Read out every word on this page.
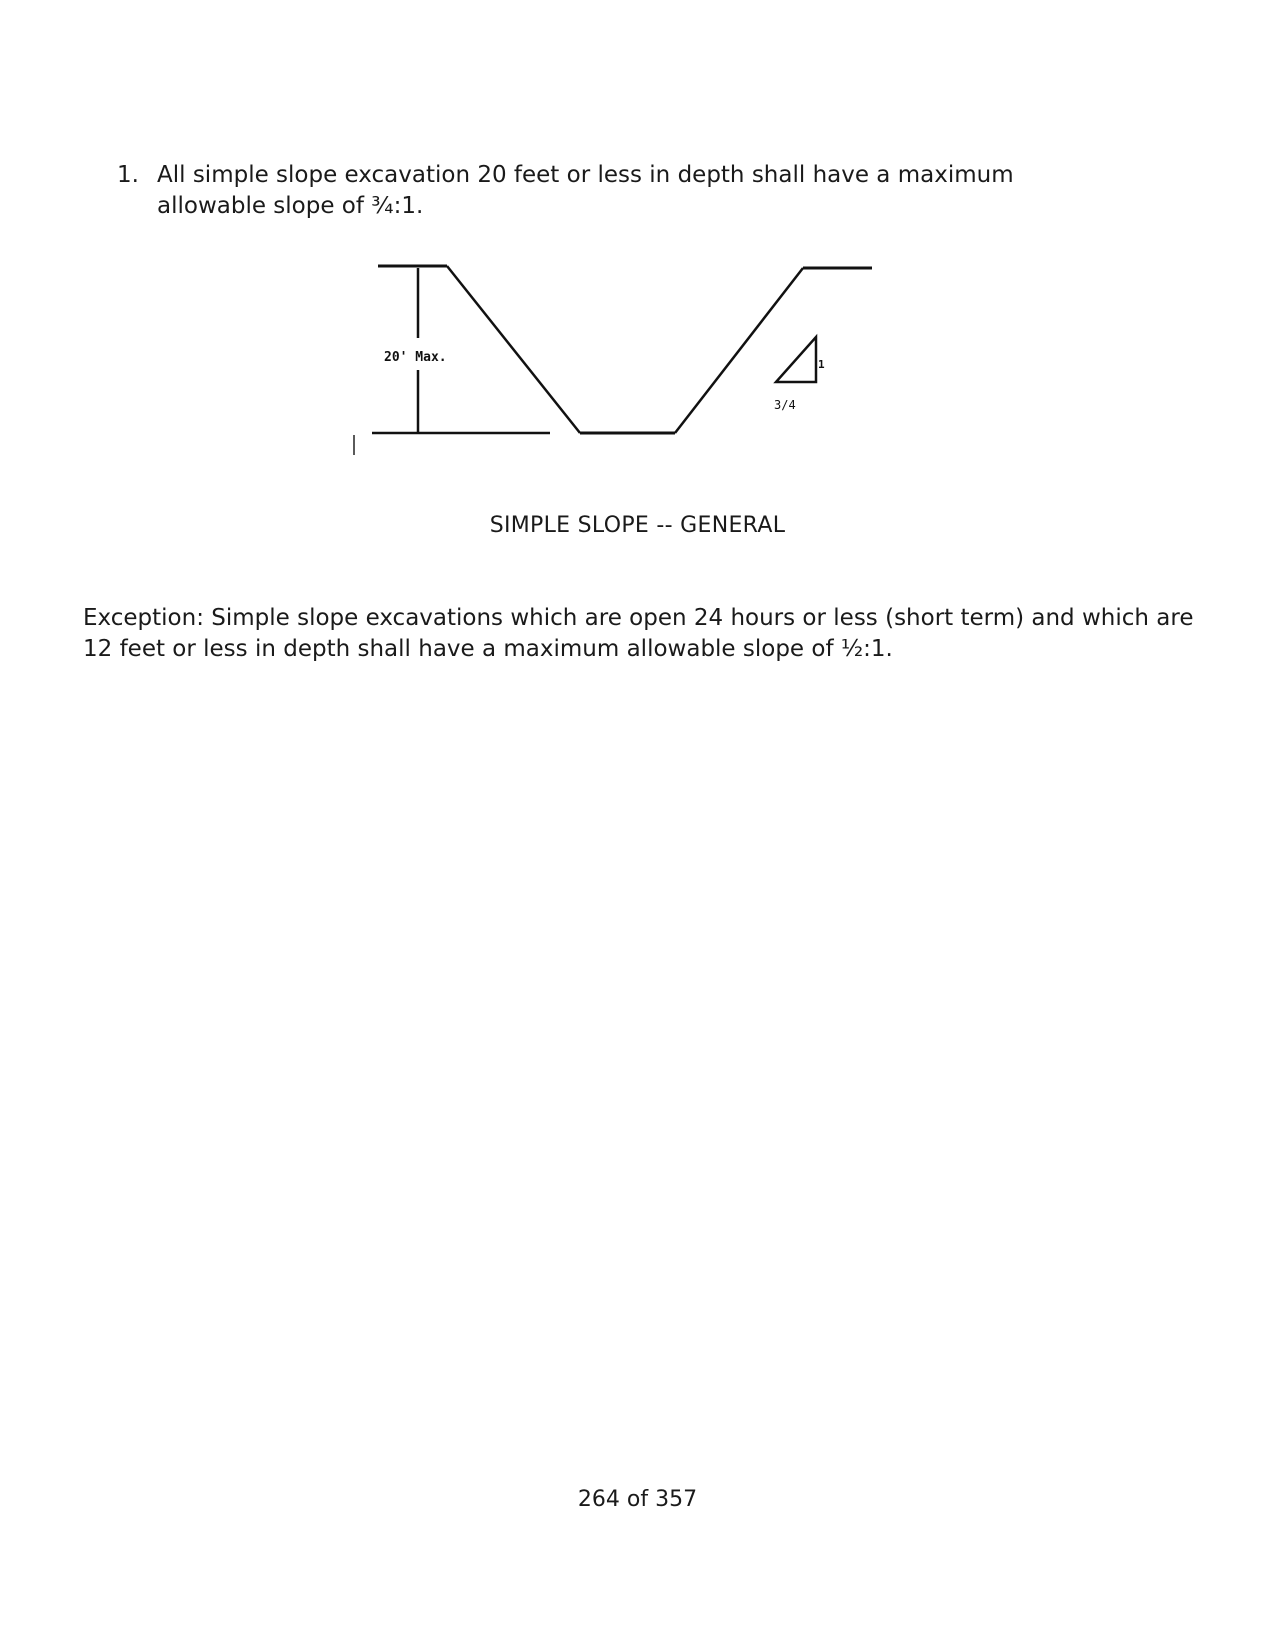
1. All simple slope excavation 20 feet or less in depth shall have a maximum allowable slope of ¾:1.
20' Max.	1
3/4
SIMPLE SLOPE -- GENERAL
Exception: Simple slope excavations which are open 24 hours or less (short term) and which are 12 feet or less in depth shall have a maximum allowable slope of ½:1.
264 of 357
